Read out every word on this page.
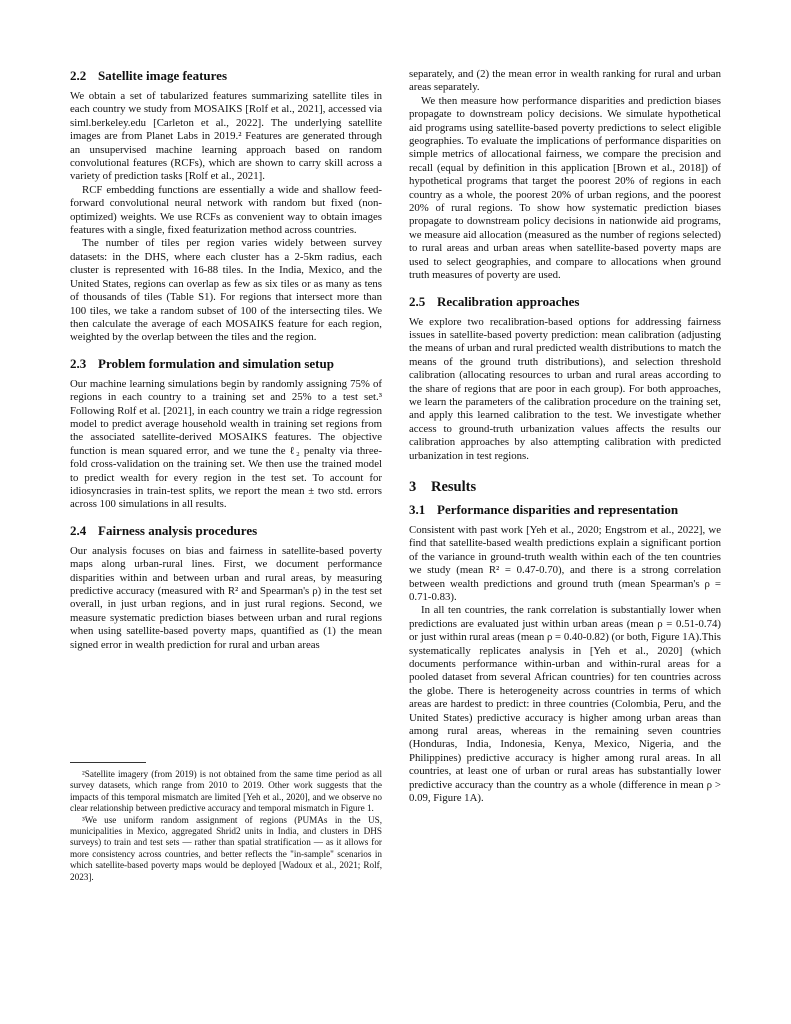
2.2 Satellite image features

We obtain a set of tabularized features summarizing satellite tiles in each country we study from MOSAIKS [Rolf et al., 2021], accessed via siml.berkeley.edu [Carleton et al., 2022]. The underlying satellite images are from Planet Labs in 2019.² Features are generated through an unsupervised machine learning approach based on random convolutional features (RCFs), which are shown to carry skill across a variety of prediction tasks [Rolf et al., 2021].

RCF embedding functions are essentially a wide and shallow feed-forward convolutional neural network with random but fixed (non-optimized) weights. We use RCFs as convenient way to obtain images features with a single, fixed featurization method across countries.

The number of tiles per region varies widely between survey datasets: in the DHS, where each cluster has a 2-5km radius, each cluster is represented with 16-88 tiles. In the India, Mexico, and the United States, regions can overlap as few as six tiles or as many as tens of thousands of tiles (Table S1). For regions that intersect more than 100 tiles, we take a random subset of 100 of the intersecting tiles. We then calculate the average of each MOSAIKS feature for each region, weighted by the overlap between the tiles and the region.

2.3 Problem formulation and simulation setup

Our machine learning simulations begin by randomly assigning 75% of regions in each country to a training set and 25% to a test set.³ Following Rolf et al. [2021], in each country we train a ridge regression model to predict average household wealth in training set regions from the associated satellite-derived MOSAIKS features. The objective function is mean squared error, and we tune the ℓ₂ penalty via three-fold cross-validation on the training set. We then use the trained model to predict wealth for every region in the test set. To account for idiosyncrasies in train-test splits, we report the mean ± two std. errors across 100 simulations in all results.

2.4 Fairness analysis procedures

Our analysis focuses on bias and fairness in satellite-based poverty maps along urban-rural lines. First, we document performance disparities within and between urban and rural areas, by measuring predictive accuracy (measured with R² and Spearman's ρ) in the test set overall, in just urban regions, and in just rural regions. Second, we measure systematic prediction biases between urban and rural regions when using satellite-based poverty maps, quantified as (1) the mean signed error in wealth prediction for rural and urban areas

²Satellite imagery (from 2019) is not obtained from the same time period as all survey datasets, which range from 2010 to 2019. Other work suggests that the impacts of this temporal mismatch are limited [Yeh et al., 2020], and we observe no clear relationship between predictive accuracy and temporal mismatch in Figure 1.

³We use uniform random assignment of regions (PUMAs in the US, municipalities in Mexico, aggregated Shrid2 units in India, and clusters in DHS surveys) to train and test sets — rather than spatial stratification — as it allows for more consistency across countries, and better reflects the "in-sample" scenarios in which satellite-based poverty maps would be deployed [Wadoux et al., 2021; Rolf, 2023].

separately, and (2) the mean error in wealth ranking for rural and urban areas separately.

We then measure how performance disparities and prediction biases propagate to downstream policy decisions. We simulate hypothetical aid programs using satellite-based poverty predictions to select eligible geographies. To evaluate the implications of performance disparities on simple metrics of allocational fairness, we compare the precision and recall (equal by definition in this application [Brown et al., 2018]) of hypothetical programs that target the poorest 20% of regions in each country as a whole, the poorest 20% of urban regions, and the poorest 20% of rural regions. To show how systematic prediction biases propagate to downstream policy decisions in nationwide aid programs, we measure aid allocation (measured as the number of regions selected) to rural areas and urban areas when satellite-based poverty maps are used to select geographies, and compare to allocations when ground truth measures of poverty are used.

2.5 Recalibration approaches

We explore two recalibration-based options for addressing fairness issues in satellite-based poverty prediction: mean calibration (adjusting the means of urban and rural predicted wealth distributions to match the means of the ground truth distributions), and selection threshold calibration (allocating resources to urban and rural areas according to the share of regions that are poor in each group). For both approaches, we learn the parameters of the calibration procedure on the training set, and apply this learned calibration to the test. We investigate whether access to ground-truth urbanization values affects the results our calibration approaches by also attempting calibration with predicted urbanization in test regions.

3 Results
3.1 Performance disparities and representation

Consistent with past work [Yeh et al., 2020; Engstrom et al., 2022], we find that satellite-based wealth predictions explain a significant portion of the variance in ground-truth wealth within each of the ten countries we study (mean R² = 0.47-0.70), and there is a strong correlation between wealth predictions and ground truth (mean Spearman's ρ = 0.71-0.83).

In all ten countries, the rank correlation is substantially lower when predictions are evaluated just within urban areas (mean ρ = 0.51-0.74) or just within rural areas (mean ρ = 0.40-0.82) (or both, Figure 1A).This systematically replicates analysis in [Yeh et al., 2020] (which documents performance within-urban and within-rural areas for a pooled dataset from several African countries) for ten countries across the globe. There is heterogeneity across countries in terms of which areas are hardest to predict: in three countries (Colombia, Peru, and the United States) predictive accuracy is higher among urban areas than among rural areas, whereas in the remaining seven countries (Honduras, India, Indonesia, Kenya, Mexico, Nigeria, and the Philippines) predictive accuracy is higher among rural areas. In all countries, at least one of urban or rural areas has substantially lower predictive accuracy than the country as a whole (difference in mean ρ > 0.09, Figure 1A).
